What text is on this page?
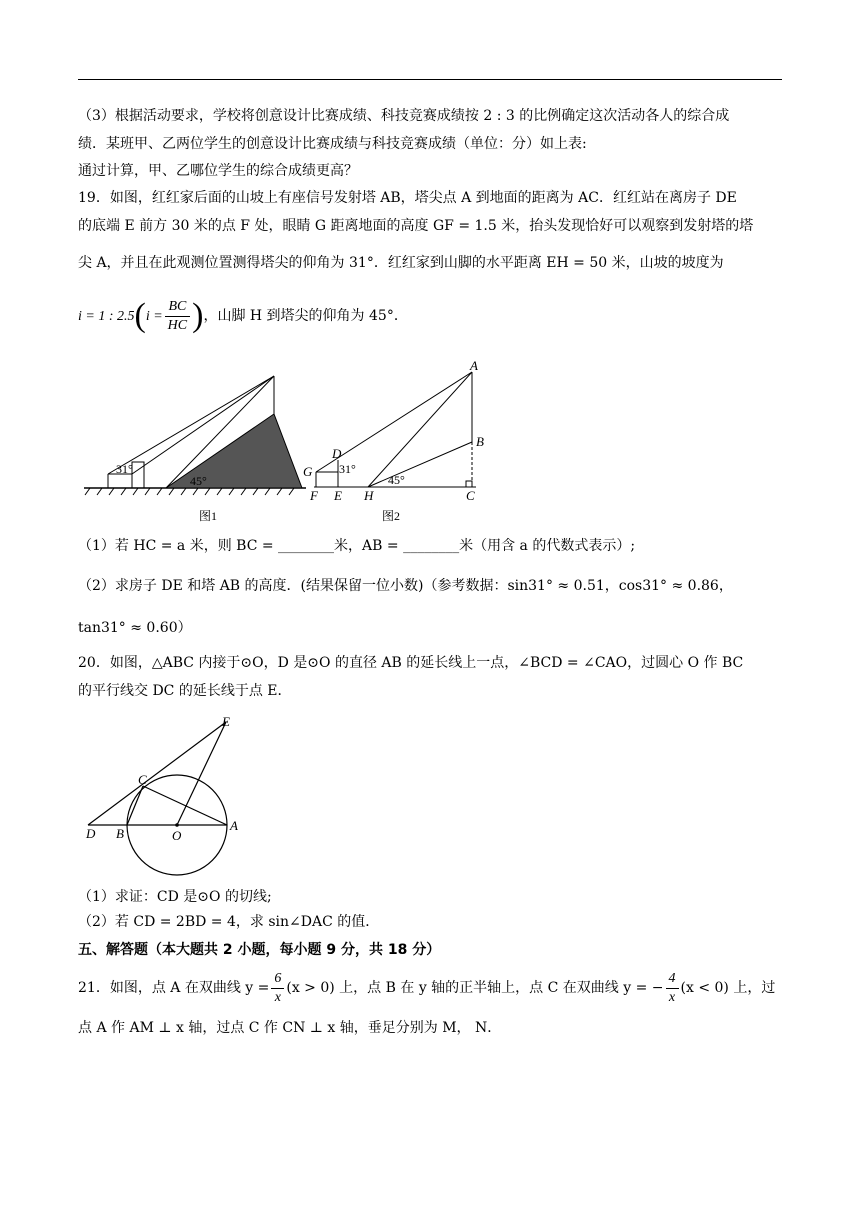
（3）根据活动要求，学校将创意设计比赛成绩、科技竞赛成绩按 2 : 3 的比例确定这次活动各人的综合成
绩．某班甲、乙两位学生的创意设计比赛成绩与科技竞赛成绩（单位：分）如上表:
通过计算，甲、乙哪位学生的综合成绩更高？
19．如图，红红家后面的山坡上有座信号发射塔 AB，塔尖点 A 到地面的距离为 AC．红红站在离房子 DE
的底端 E 前方 30 米的点 F 处，眼睛 G 距离地面的高度 GF = 1.5 米，抬头发现恰好可以观察到发射塔的塔
尖 A，并且在此观测位置测得塔尖的仰角为 31°．红红家到山脚的水平距离 EH = 50 米，山坡的坡度为
i = 1 : $2.5(i = \frac{BC}{HC}$ )，山脚 H 到塔尖的仰角为 45°．
31°
45°
图1
A
B
C
D
E
F
G
H
31°
45°
图2
（1）若 HC = a 米，则 BC = ________米，AB = ________米（用含 a 的代数式表示）;
（2）求房子 DE 和塔 AB 的高度．(结果保留一位小数)（参考数据：sin31° ≈ 0.51，cos31° ≈ 0.86，
tan31° ≈ 0.60）
20．如图，△ABC 内接于⊙O，D 是⊙O 的直径 AB 的延长线上一点，∠BCD = ∠CAO，过圆心 O 作 BC
的平行线交 DC 的延长线于点 E．
E
C
D B	O
A
（1）求证：CD 是⊙O 的切线;
（2）若 CD = 2BD = 4，求 sin∠DAC 的值．
五、解答题（本大题共 2 小题，每小题 9 分，共 18 分）
21．如图，点 A 在双曲线 $y = \frac{6}{x} (x > 0)$ 上，点 B 在 y 轴的正半轴上，点 C 在双曲线 y = − $\frac{4}{x} (x < 0)$ 上，过
点 A 作 AM ⊥ x 轴，过点 C 作 CN ⊥ x 轴，垂足分别为 M， N．
